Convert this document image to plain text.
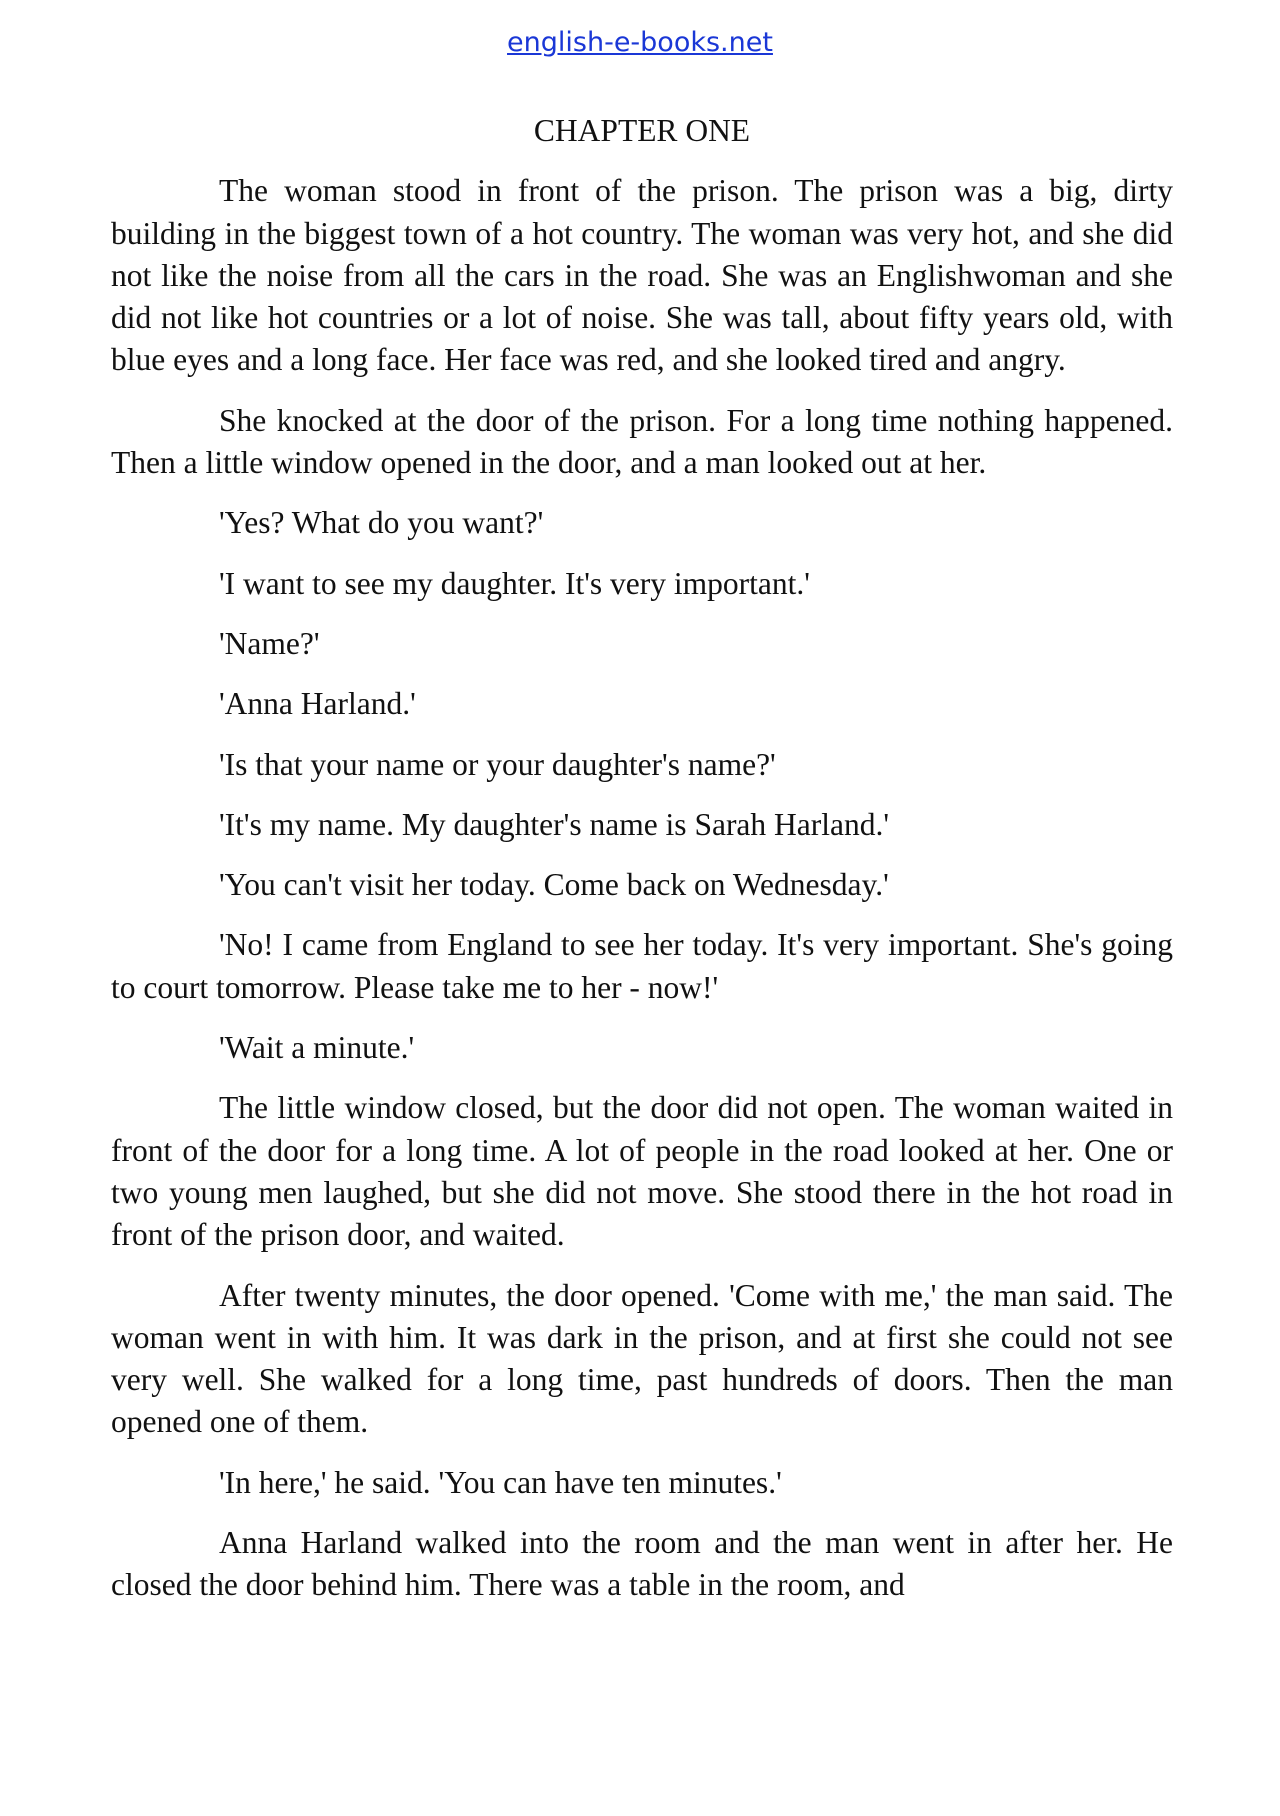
english-e-books.net
CHAPTER ONE

The woman stood in front of the prison. The prison was a big, dirty building in the biggest town of a hot country. The woman was very hot, and she did not like the noise from all the cars in the road. She was an Englishwoman and she did not like hot countries or a lot of noise. She was tall, about fifty years old, with blue eyes and a long face. Her face was red, and she looked tired and angry.

She knocked at the door of the prison. For a long time nothing happened. Then a little window opened in the door, and a man looked out at her.

'Yes? What do you want?'

'I want to see my daughter. It's very important.'

'Name?'

'Anna Harland.'

'Is that your name or your daughter's name?'

'It's my name. My daughter's name is Sarah Harland.'

'You can't visit her today. Come back on Wednesday.'

'No! I came from England to see her today. It's very important. She's going to court tomorrow. Please take me to her - now!'

'Wait a minute.'

The little window closed, but the door did not open. The woman waited in front of the door for a long time. A lot of people in the road looked at her. One or two young men laughed, but she did not move. She stood there in the hot road in front of the prison door, and waited.

After twenty minutes, the door opened. 'Come with me,' the man said. The woman went in with him. It was dark in the prison, and at first she could not see very well. She walked for a long time, past hundreds of doors. Then the man opened one of them.

'In here,' he said. 'You can have ten minutes.'

Anna Harland walked into the room and the man went in after her. He closed the door behind him. There was a table in the room, and
